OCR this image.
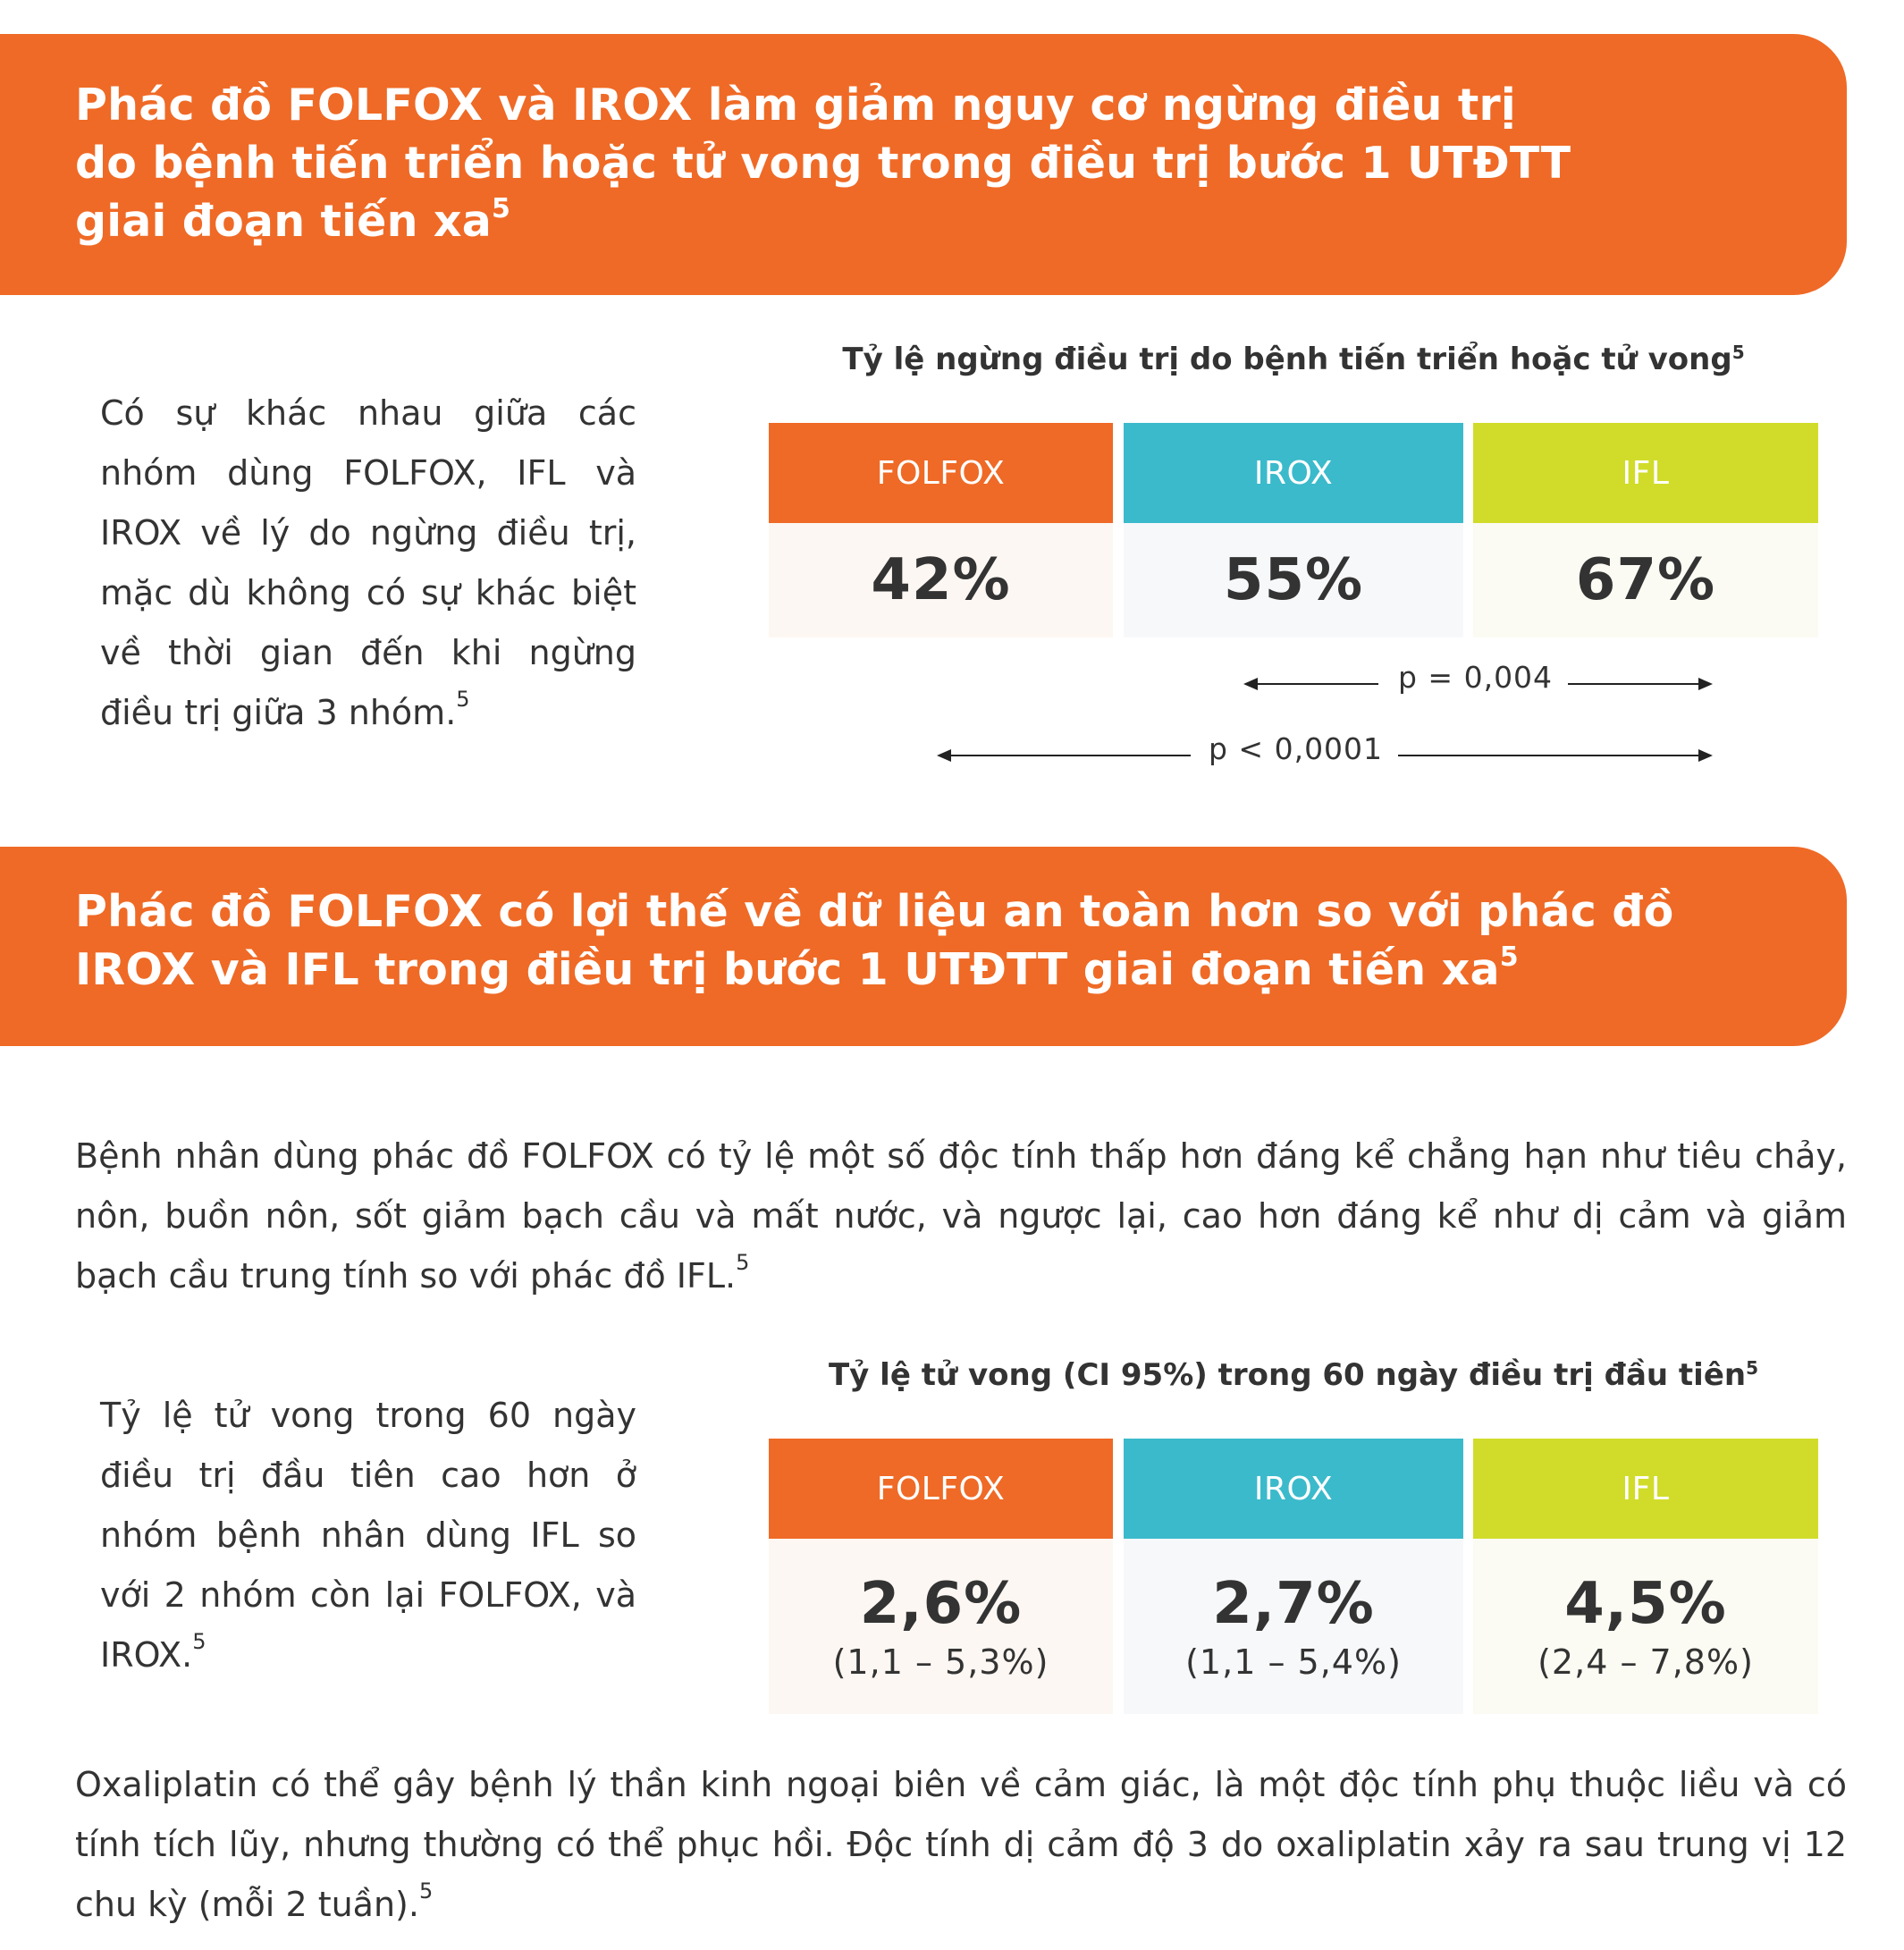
Phác đồ FOLFOX và IROX làm giảm nguy cơ ngừng điều trị
do bệnh tiến triển hoặc tử vong trong điều trị bước 1 UTĐTT
giai đoạn tiến $xa^5$

Có sự khác nhau giữa các nhóm dùng FOLFOX, IFL và IROX về lý do ngừng điều trị, mặc dù không có sự khác biệt về thời gian đến khi ngừng điều trị giữa 3 nhóm.$^5$

Tỷ lệ ngừng điều trị do bệnh tiến triển hoặc tử vong$^5$
FOLFOX
42%
IROX
55%
IFL
67%
p = 0,004
p < 0,0001
Phác đồ FOLFOX có lợi thế về dữ liệu an toàn hơn so với phác đồ
IROX và IFL trong điều trị bước 1 UTĐTT giai đoạn tiến $xa^5$

Bệnh nhân dùng phác đồ FOLFOX có tỷ lệ một số độc tính thấp hơn đáng kể chẳng hạn như tiêu chảy, nôn, buồn nôn, sốt giảm bạch cầu và mất nước, và ngược lại, cao hơn đáng kể như dị cảm và giảm bạch cầu trung tính so với phác đồ IFL.$^5$

Tỷ lệ tử vong trong 60 ngày điều trị đầu tiên cao hơn ở nhóm bệnh nhân dùng IFL so với 2 nhóm còn lại FOLFOX, và IROX.$^5$

Tỷ lệ tử vong (CI 95%) trong 60 ngày điều trị đầu tiên$^5$
FOLFOX
2,6%
(1,1 – 5,3%)
IROX
2,7%
(1,1 – 5,4%)
IFL
4,5%
(2,4 – 7,8%)

Oxaliplatin có thể gây bệnh lý thần kinh ngoại biên về cảm giác, là một độc tính phụ thuộc liều và có tính tích lũy, nhưng thường có thể phục hồi. Độc tính dị cảm độ 3 do oxaliplatin xảy ra sau trung vị 12 chu kỳ (mỗi 2 tuần).$^5$
